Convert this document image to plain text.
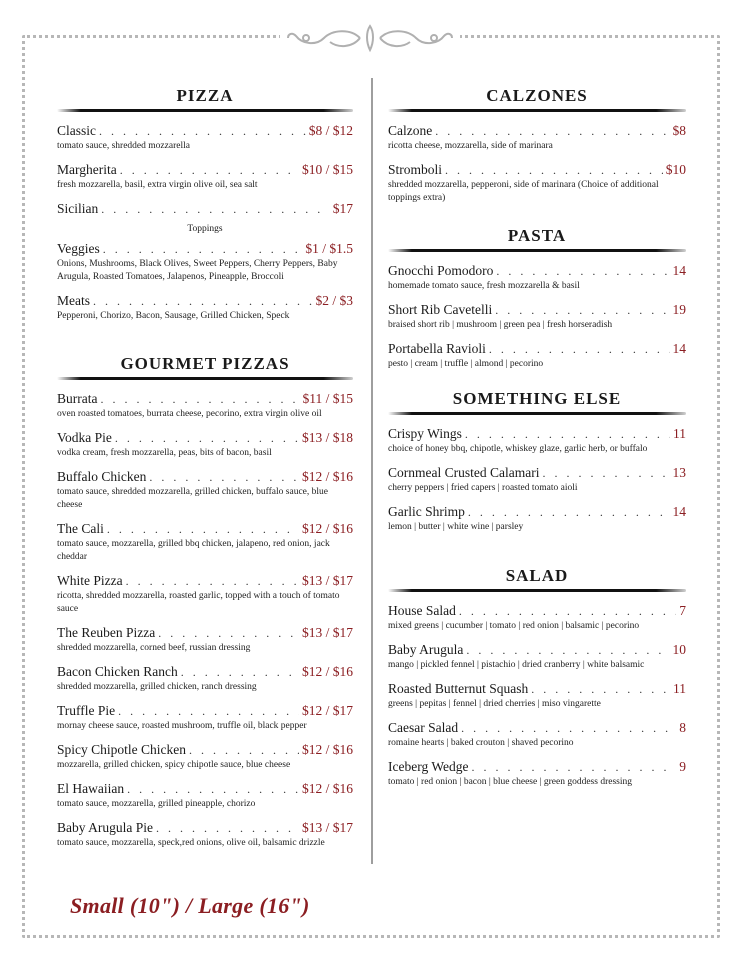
PIZZA
Classic . . .	$8 / $12
tomato sauce, shredded mozzarella
Margherita . . .	$10 / $15
fresh mozzarella, basil, extra virgin olive oil, sea salt
Sicilian . . .	$17
Toppings
Veggies . . .	$1 / $1.5
Onions, Mushrooms, Black Olives, Sweet Peppers, Cherry Peppers, Baby Arugula, Roasted Tomatoes, Jalapenos, Pineapple, Broccoli
Meats . . .	$2 / $3
Pepperoni, Chorizo, Bacon, Sausage, Grilled Chicken, Speck
GOURMET PIZZAS
Burrata . . .	$11 / $15
oven roasted tomatoes, burrata cheese, pecorino, extra virgin olive oil
Vodka Pie . . .	$13 / $18
vodka cream, fresh mozzarella, peas, bits of bacon, basil
Buffalo Chicken . . .	$12 / $16
tomato sauce, shredded mozzarella, grilled chicken, buffalo sauce, blue cheese
The Cali . . .	$12 / $16
tomato sauce, mozzarella, grilled bbq chicken, jalapeno, red onion, jack cheddar
White Pizza . . .	$13 / $17
ricotta, shredded mozzarella, roasted garlic, topped with a touch of tomato sauce
The Reuben Pizza . . .	$13 / $17
shredded mozzarella, corned beef, russian dressing
Bacon Chicken Ranch . . .	$12 / $16
shredded mozzarella, grilled chicken, ranch dressing
Truffle Pie . . .	$12 / $17
mornay cheese sauce, roasted mushroom, truffle oil, black pepper
Spicy Chipotle Chicken . . .	$12 / $16
mozzarella, grilled chicken, spicy chipotle sauce, blue cheese
El Hawaiian . . .	$12 / $16
tomato sauce, mozzarella, grilled pineapple, chorizo
Baby Arugula Pie . . .	$13 / $17
tomato sauce, mozzarella, speck,red onions, olive oil, balsamic drizzle
CALZONES
Calzone . . .	$8
ricotta cheese, mozzarella, side of marinara
Stromboli . . .	$10
shredded mozzarella, pepperoni, side of marinara (Choice of additional toppings extra)
PASTA
Gnocchi Pomodoro . . .	14
homemade tomato sauce, fresh mozzarella & basil
Short Rib Cavetelli . . .	19
braised short rib | mushroom | green pea | fresh horseradish
Portabella Ravioli . . .	14
pesto | cream | truffle | almond | pecorino
SOMETHING ELSE
Crispy Wings . . .	11
choice of honey bbq, chipotle, whiskey glaze, garlic herb, or buffalo
Cornmeal Crusted Calamari . . .	13
cherry peppers | fried capers | roasted tomato aioli
Garlic Shrimp . . .	14
lemon | butter | white wine | parsley
SALAD
House Salad . . .	7
mixed greens | cucumber | tomato | red onion | balsamic | pecorino
Baby Arugula . . .	10
mango | pickled fennel | pistachio | dried cranberry | white balsamic
Roasted Butternut Squash . . .	11
greens | pepitas | fennel | dried cherries | miso vingarette
Caesar Salad . . .	8
romaine hearts | baked crouton | shaved pecorino
Iceberg Wedge . . .	9
tomato | red onion | bacon | blue cheese | green goddess dressing
Small (10") / Large (16")
